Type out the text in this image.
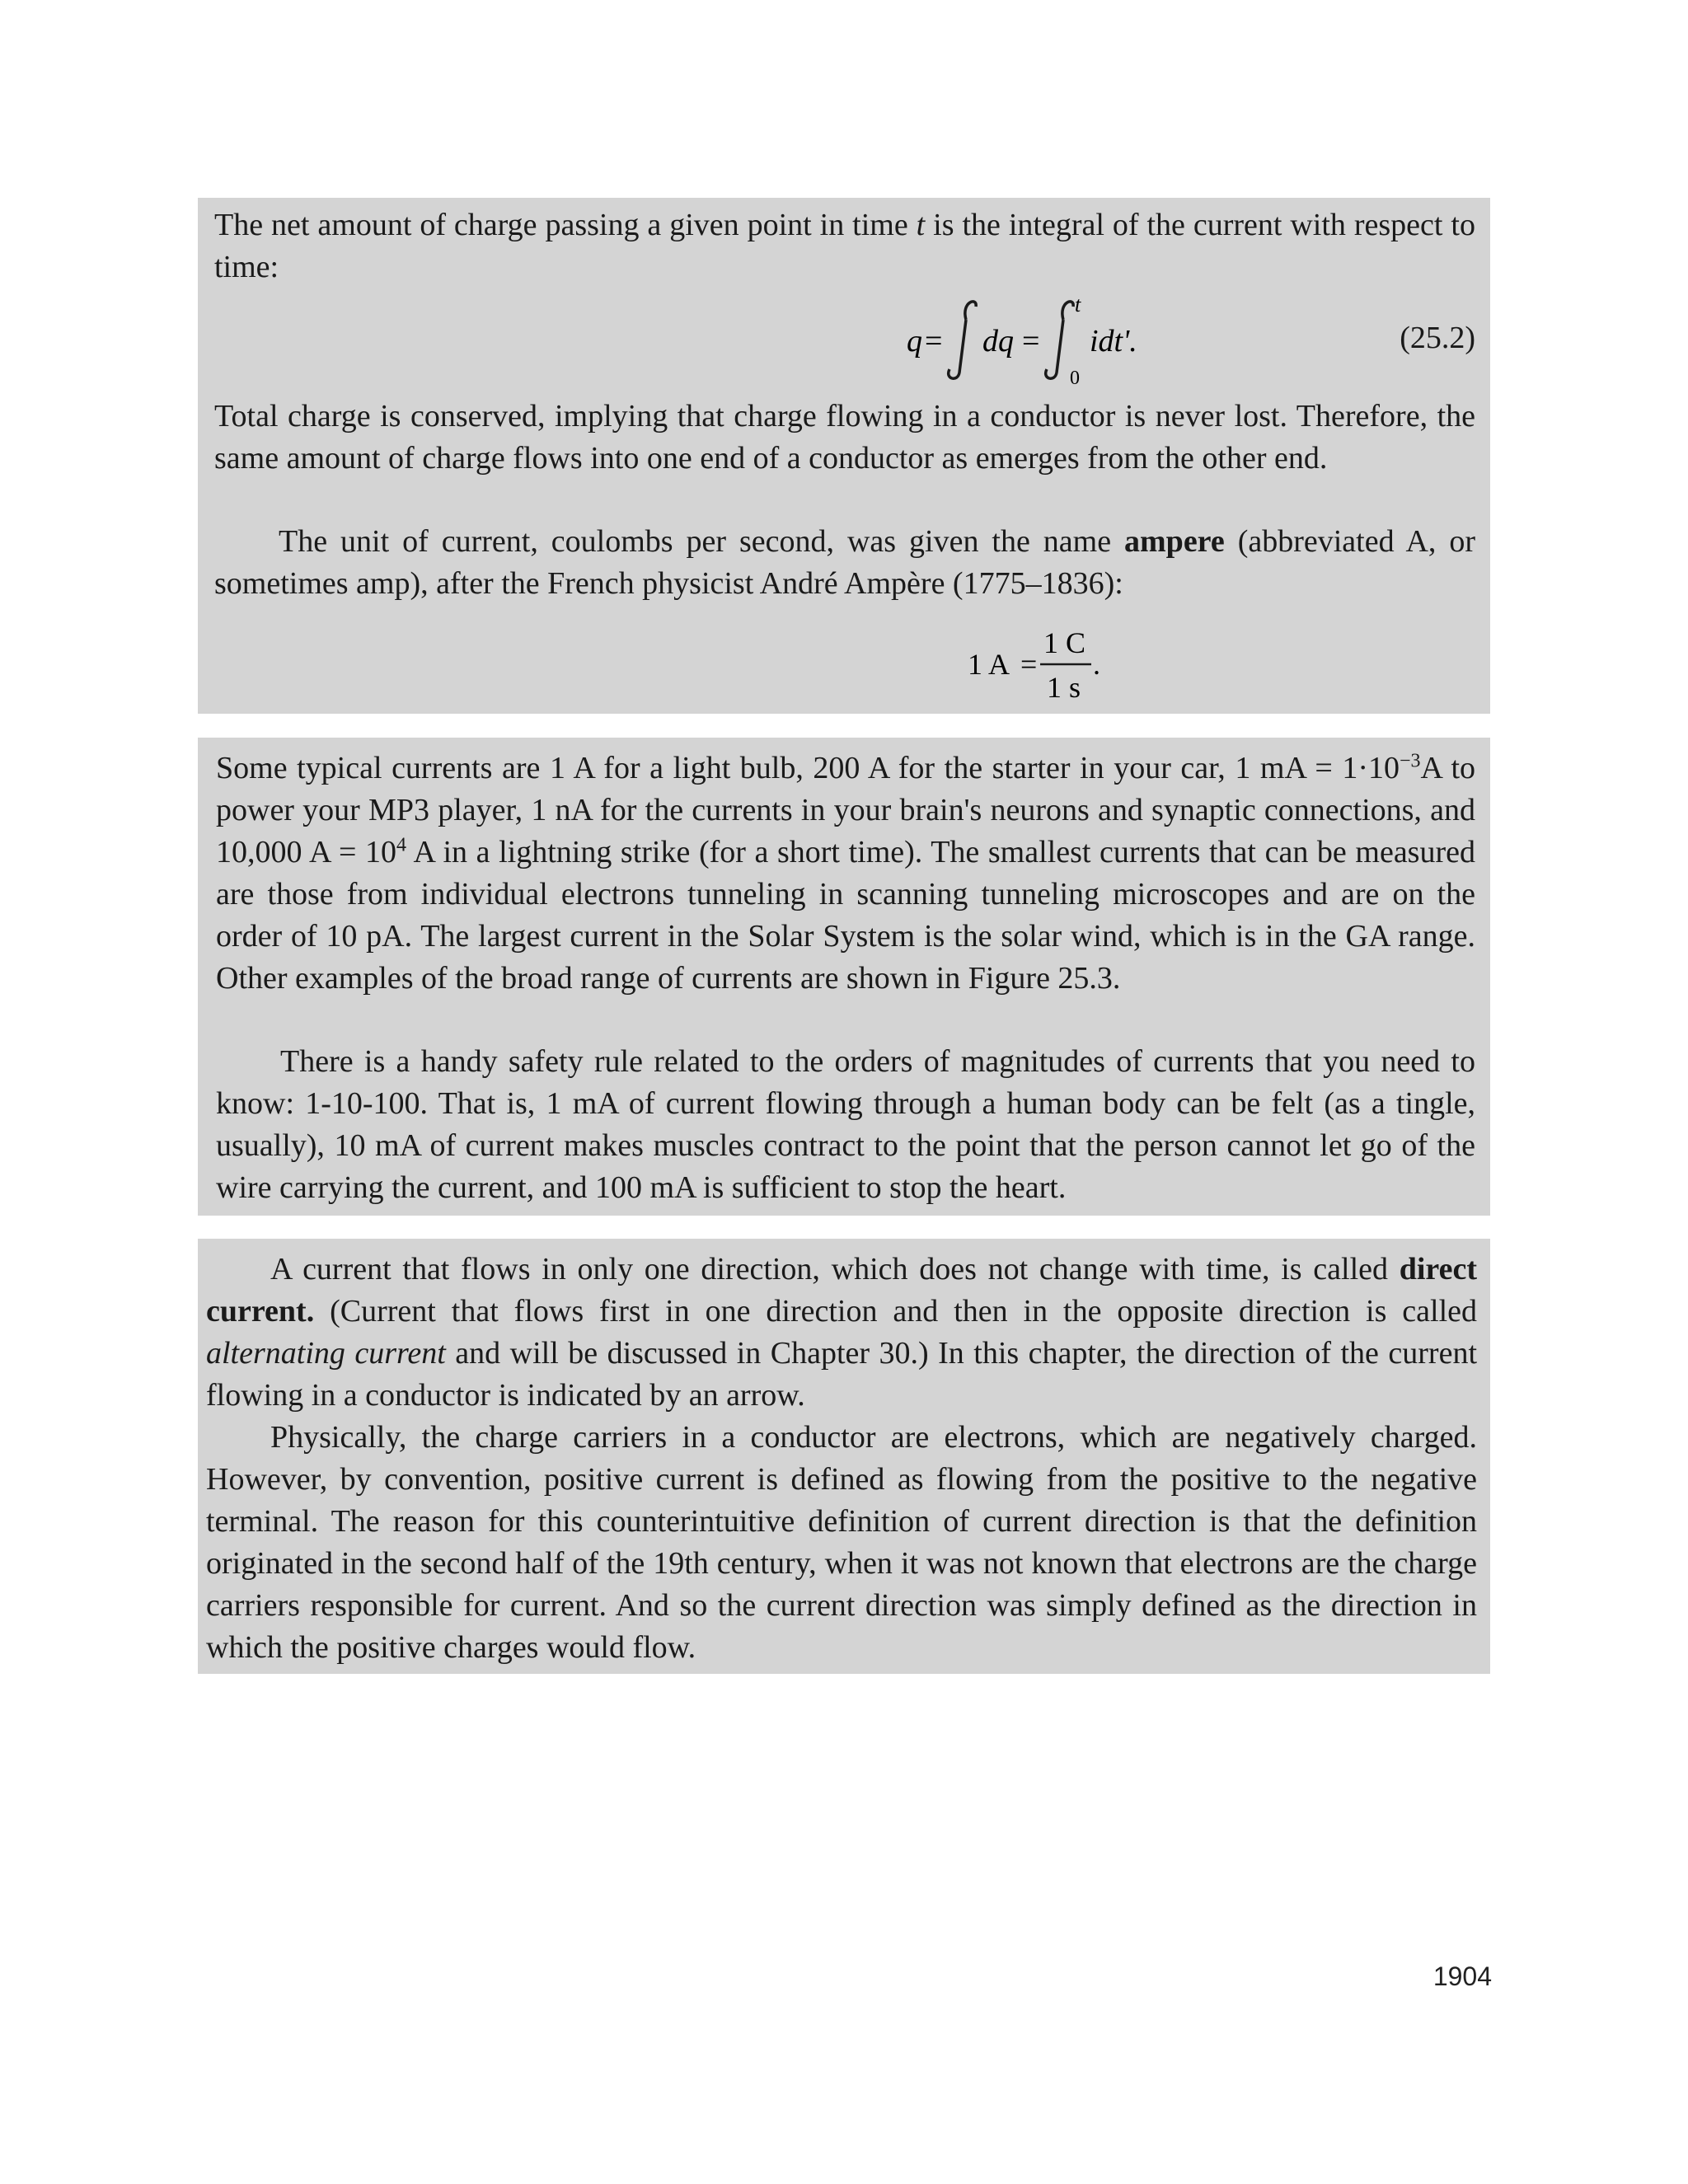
The net amount of charge passing a given point in time t is the integral of the current with respect to time:

q = dq =
t
0
idt'.	(25.2)

Total charge is conserved, implying that charge flowing in a conductor is never lost. Therefore, the same amount of charge flows into one end of a conductor as emerges from the other end.

The unit of current, coulombs per second, was given the name ampere (abbreviated A, or sometimes amp), after the French physicist André Ampère (1775–1836):

1 A =
1 C
1 s
.

Some typical currents are 1 A for a light bulb, 200 A for the starter in your car, 1 mA = $1\cdot 10^{-3}A$ to power your MP3 player, 1 nA for the currents in your brain's neurons and synaptic connections, and 10,000 $A = 10^4$ A in a lightning strike (for a short time). The smallest currents that can be measured are those from individual electrons tunneling in scanning tunneling microscopes and are on the order of 10 pA. The largest current in the Solar System is the solar wind, which is in the GA range. Other examples of the broad range of currents are shown in Figure 25.3.

There is a handy safety rule related to the orders of magnitudes of currents that you need to know: 1-10-100. That is, 1 mA of current flowing through a human body can be felt (as a tingle, usually), 10 mA of current makes muscles contract to the point that the person cannot let go of the wire carrying the current, and 100 mA is sufficient to stop the heart.

A current that flows in only one direction, which does not change with time, is called direct current. (Current that flows first in one direction and then in the opposite direction is called alternating current and will be discussed in Chapter 30.) In this chapter, the direction of the current flowing in a conductor is indicated by an arrow.

Physically, the charge carriers in a conductor are electrons, which are negatively charged. However, by convention, positive current is defined as flowing from the positive to the negative terminal. The reason for this counterintuitive definition of current direction is that the definition originated in the second half of the 19th century, when it was not known that electrons are the charge carriers responsible for current. And so the current direction was simply defined as the direction in which the positive charges would flow.

1904
